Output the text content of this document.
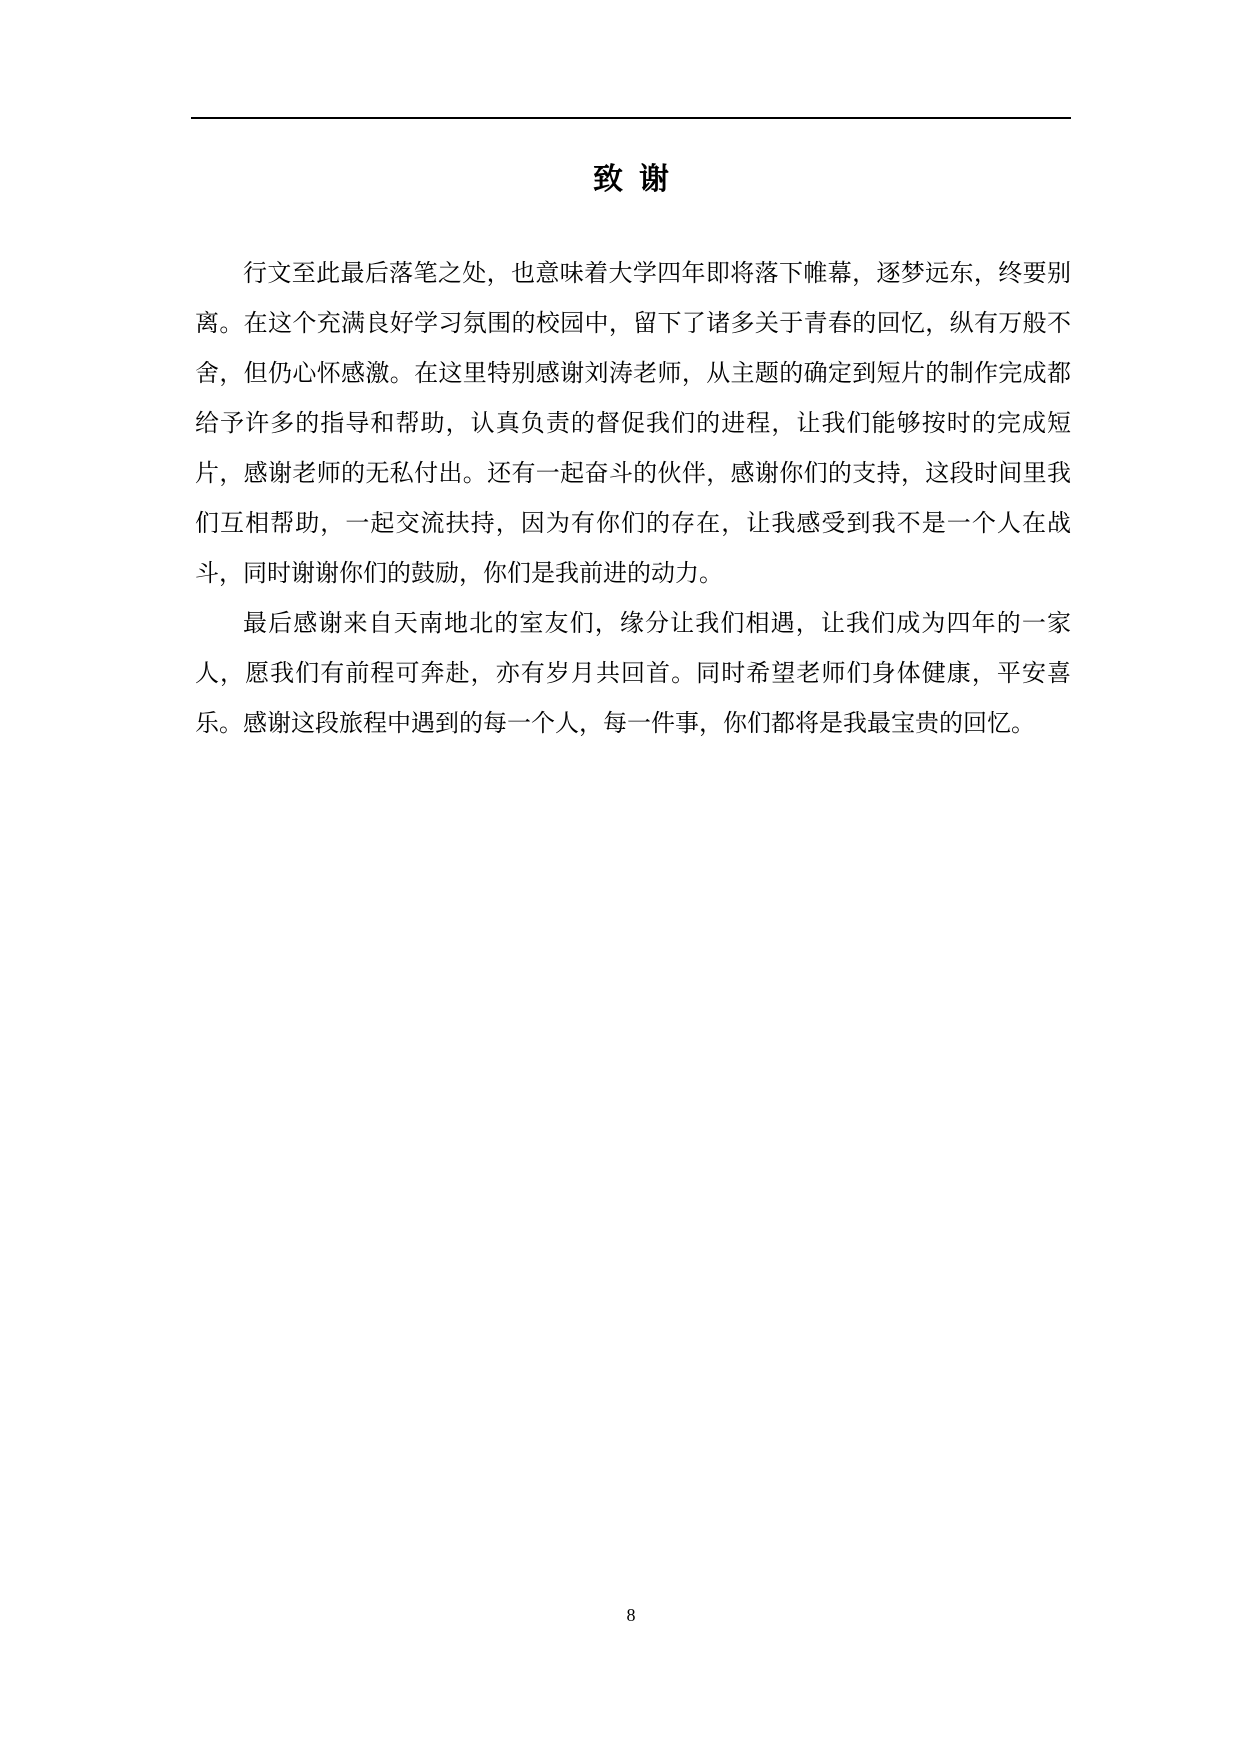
致谢

行文至此最后落笔之处，也意味着大学四年即将落下帷幕，逐梦远东，终要别离。在这个充满良好学习氛围的校园中，留下了诸多关于青春的回忆，纵有万般不舍，但仍心怀感激。在这里特别感谢刘涛老师，从主题的确定到短片的制作完成都给予许多的指导和帮助，认真负责的督促我们的进程，让我们能够按时的完成短片，感谢老师的无私付出。还有一起奋斗的伙伴，感谢你们的支持，这段时间里我们互相帮助，一起交流扶持，因为有你们的存在，让我感受到我不是一个人在战斗，同时谢谢你们的鼓励，你们是我前进的动力。

最后感谢来自天南地北的室友们，缘分让我们相遇，让我们成为四年的一家人，愿我们有前程可奔赴，亦有岁月共回首。同时希望老师们身体健康，平安喜乐。感谢这段旅程中遇到的每一个人，每一件事，你们都将是我最宝贵的回忆。

8
